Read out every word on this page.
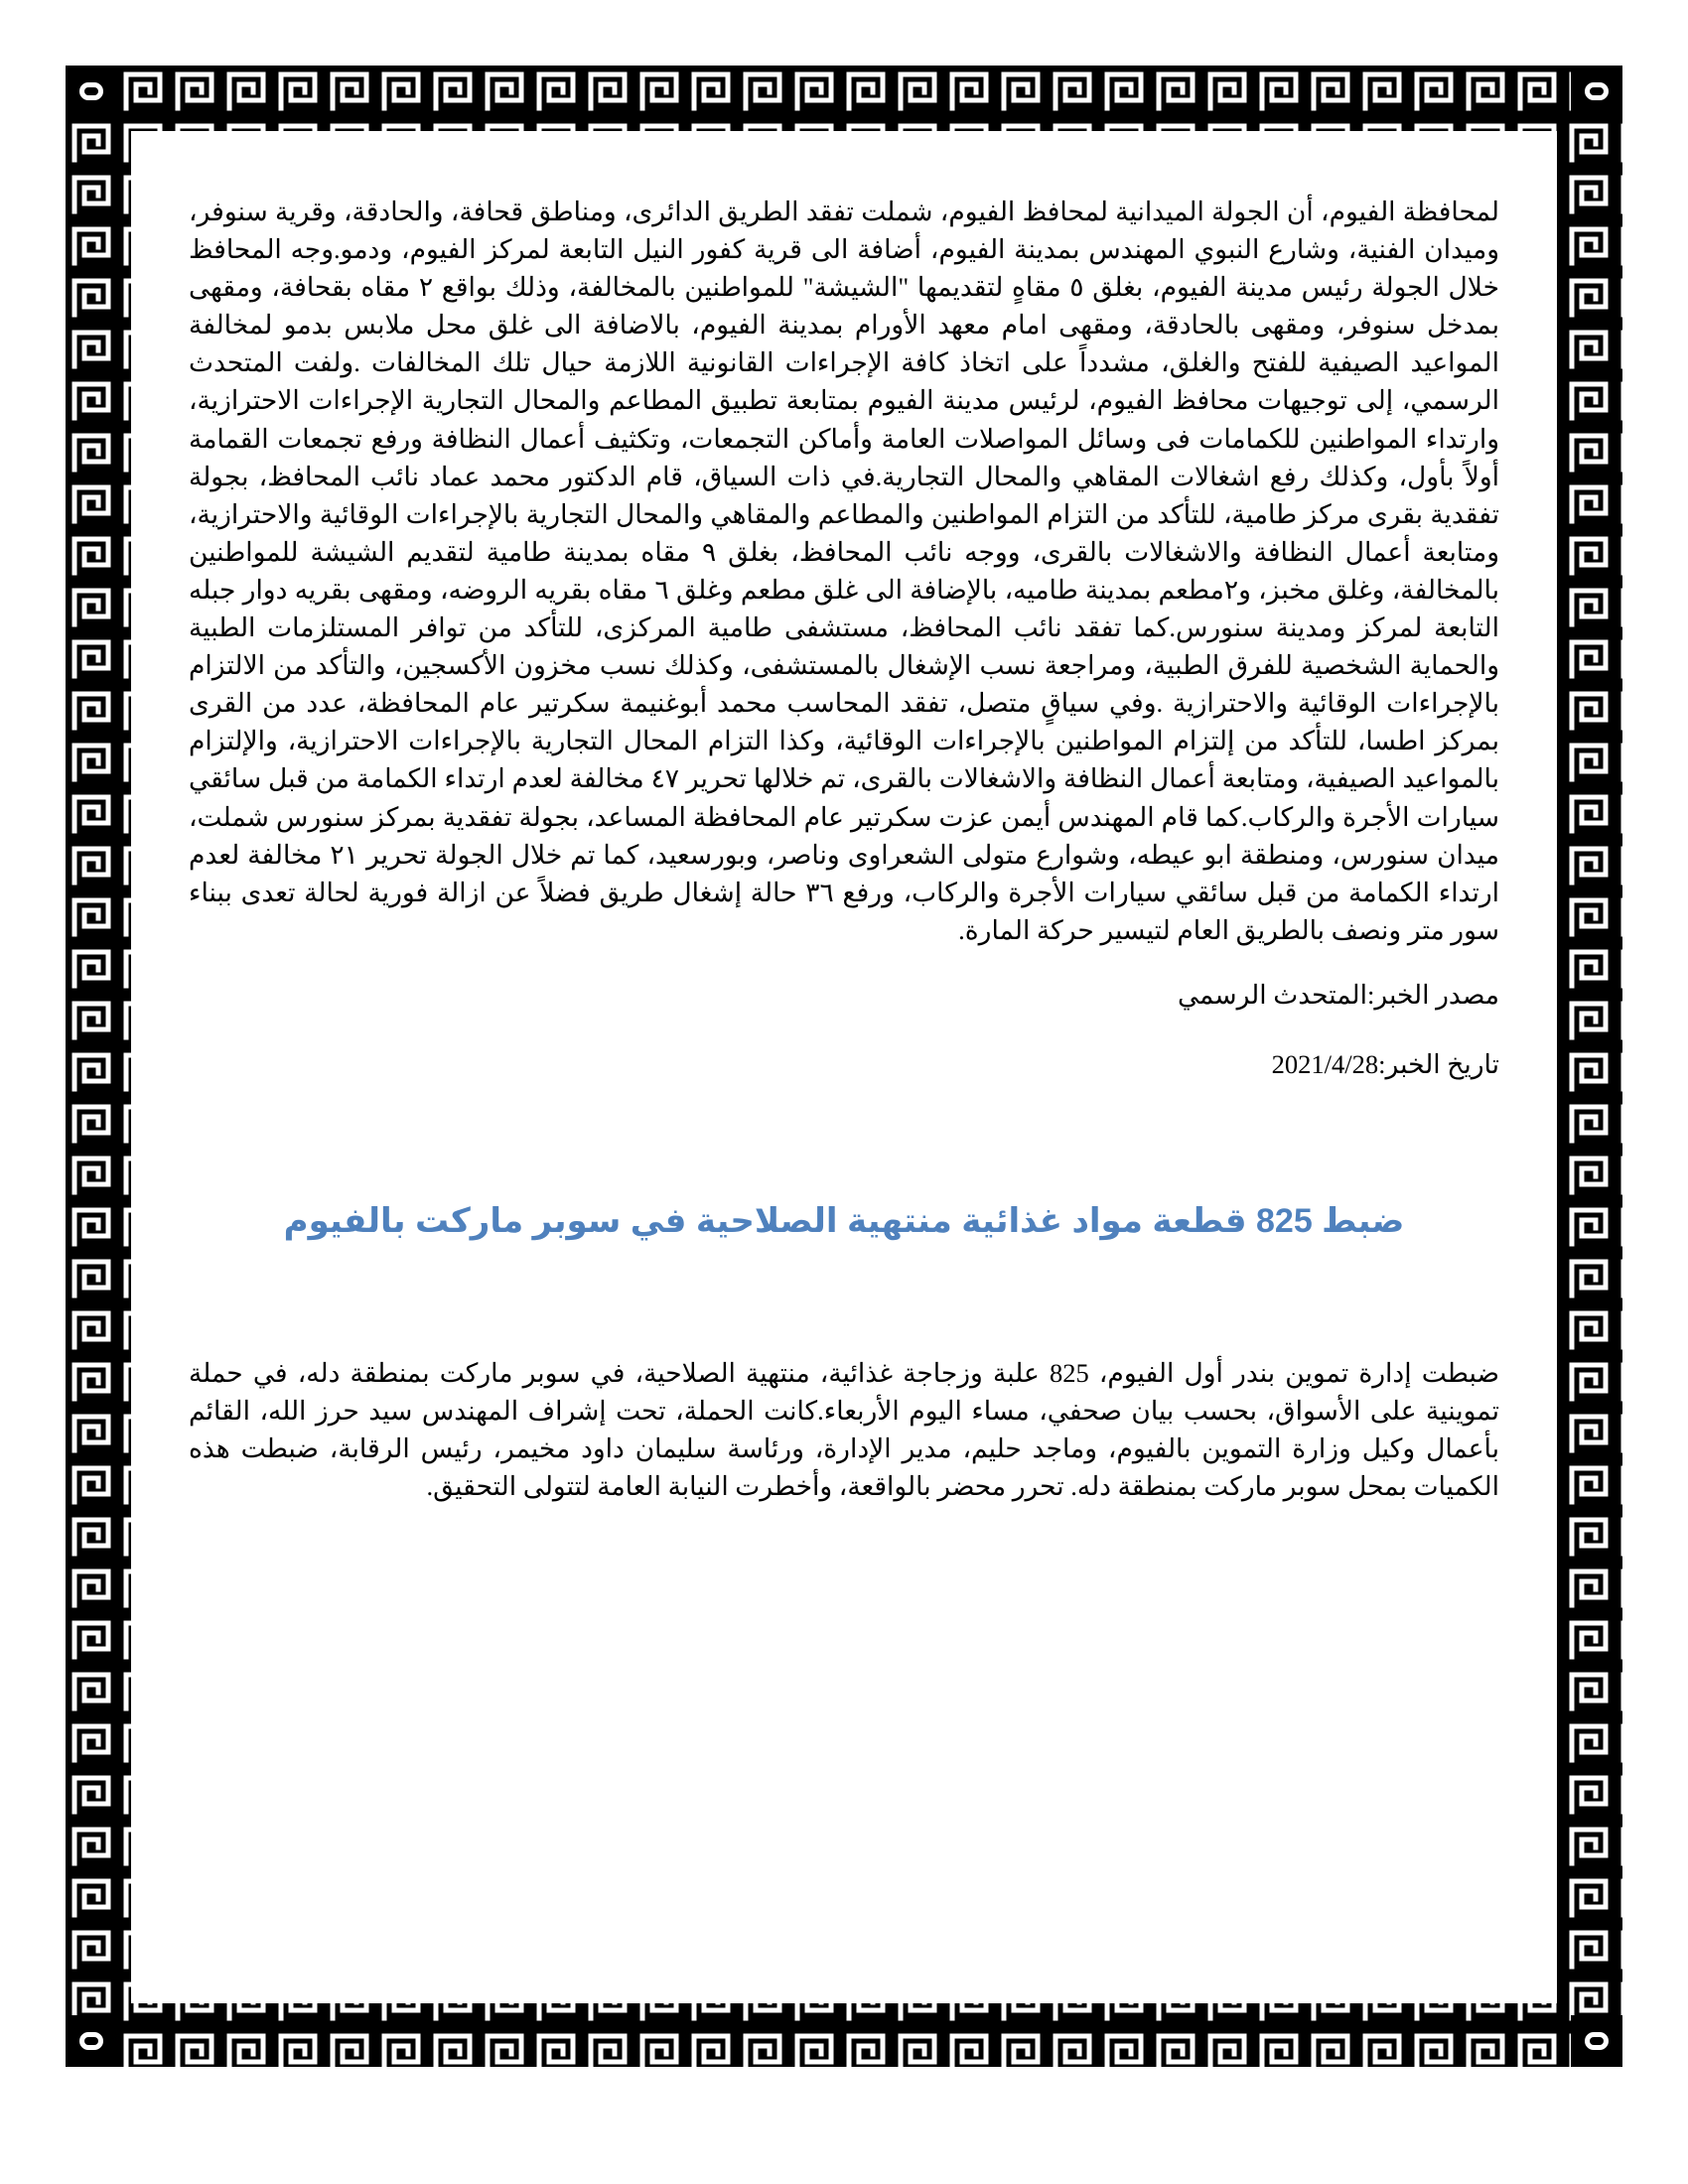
لمحافظة الفيوم، أن الجولة الميدانية لمحافظ الفيوم، شملت تفقد الطريق الدائرى، ومناطق قحافة، والحادقة، وقرية سنوفر، وميدان الفنية، وشارع النبوي المهندس بمدينة الفيوم، أضافة الى قرية كفور النيل التابعة لمركز الفيوم، ودمو.وجه المحافظ خلال الجولة رئيس مدينة الفيوم، بغلق ٥ مقاهٍ لتقديمها "الشيشة" للمواطنين بالمخالفة، وذلك بواقع ٢ مقاه بقحافة، ومقهى بمدخل سنوفر، ومقهى بالحادقة، ومقهى امام معهد الأورام بمدينة الفيوم، بالاضافة الى غلق محل ملابس بدمو لمخالفة المواعيد الصيفية للفتح والغلق، مشدداً على اتخاذ كافة الإجراءات القانونية اللازمة حيال تلك المخالفات .ولفت المتحدث الرسمي، إلى توجيهات محافظ الفيوم، لرئيس مدينة الفيوم بمتابعة تطبيق المطاعم والمحال التجارية الإجراءات الاحترازية، وارتداء المواطنين للكمامات فى وسائل المواصلات العامة وأماكن التجمعات، وتكثيف أعمال النظافة ورفع تجمعات القمامة أولاً بأول، وكذلك رفع اشغالات المقاهي والمحال التجارية.في ذات السياق، قام الدكتور محمد عماد نائب المحافظ، بجولة تفقدية بقرى مركز طامية، للتأكد من التزام المواطنين والمطاعم والمقاهي والمحال التجارية بالإجراءات الوقائية والاحترازية، ومتابعة أعمال النظافة والاشغالات بالقرى، ووجه نائب المحافظ، بغلق ٩ مقاه بمدينة طامية لتقديم الشيشة للمواطنين بالمخالفة، وغلق مخبز، و٢مطعم بمدينة طاميه، بالإضافة الى غلق مطعم وغلق ٦ مقاه بقريه الروضه، ومقهى بقريه دوار جبله التابعة لمركز ومدينة سنورس.كما تفقد نائب المحافظ، مستشفى طامية المركزى، للتأكد من توافر المستلزمات الطبية والحماية الشخصية للفرق الطبية، ومراجعة نسب الإشغال بالمستشفى، وكذلك نسب مخزون الأكسجين، والتأكد من الالتزام بالإجراءات الوقائية والاحترازية .وفي سياقٍ متصل، تفقد المحاسب محمد أبوغنيمة سكرتير عام المحافظة، عدد من القرى بمركز اطسا، للتأكد من إلتزام المواطنين بالإجراءات الوقائية، وكذا التزام المحال التجارية بالإجراءات الاحترازية، والإلتزام بالمواعيد الصيفية، ومتابعة أعمال النظافة والاشغالات بالقرى، تم خلالها تحرير ٤٧ مخالفة لعدم ارتداء الكمامة من قبل سائقي سيارات الأجرة والركاب.كما قام المهندس أيمن عزت سكرتير عام المحافظة المساعد، بجولة تفقدية بمركز سنورس شملت، ميدان سنورس، ومنطقة ابو عيطه، وشوارع متولى الشعراوى وناصر، وبورسعيد، كما تم خلال الجولة تحرير ٢١ مخالفة لعدم ارتداء الكمامة من قبل سائقي سيارات الأجرة والركاب، ورفع ٣٦ حالة إشغال طريق فضلاً عن ازالة فورية لحالة تعدى ببناء سور متر ونصف بالطريق العام لتيسير حركة المارة.

مصدر الخبر:المتحدث الرسمي

تاريخ الخبر:2021/4/28

ضبط 825 قطعة مواد غذائية منتهية الصلاحية في سوبر ماركت بالفيوم

ضبطت إدارة تموين بندر أول الفيوم، 825 علبة وزجاجة غذائية، منتهية الصلاحية، في سوبر ماركت بمنطقة دله، في حملة تموينية على الأسواق، بحسب بيان صحفي، مساء اليوم الأربعاء.كانت الحملة، تحت إشراف المهندس سيد حرز الله، القائم بأعمال وكيل وزارة التموين بالفيوم، وماجد حليم، مدير الإدارة، ورئاسة سليمان داود مخيمر، رئيس الرقابة، ضبطت هذه الكميات بمحل سوبر ماركت بمنطقة دله. تحرر محضر بالواقعة، وأخطرت النيابة العامة لتتولى التحقيق.
